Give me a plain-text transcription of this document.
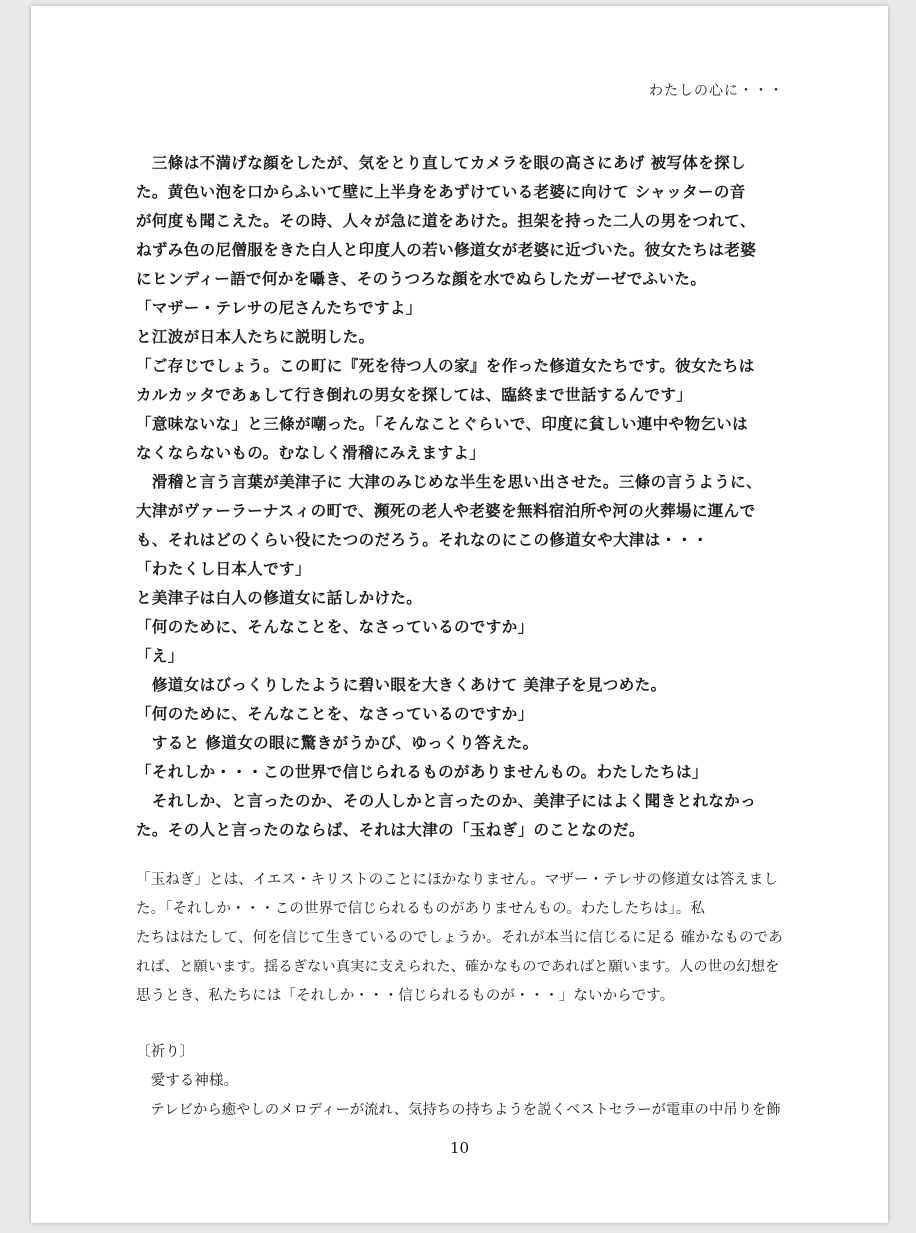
わたしの心に・・・
　三條は不満げな顔をしたが、気をとり直してカメラを眼の高さにあげ 被写体を探し
た。黄色い泡を口からふいて壁に上半身をあずけている老婆に向けて シャッターの音
が何度も聞こえた。その時、人々が急に道をあけた。担架を持った二人の男をつれて、
ねずみ色の尼僧服をきた白人と印度人の若い修道女が老婆に近づいた。彼女たちは老婆
にヒンディー語で何かを囁き、そのうつろな顔を水でぬらしたガーゼでふいた。
「マザー・テレサの尼さんたちですよ」
と江波が日本人たちに説明した。
「ご存じでしょう。この町に『死を待つ人の家』を作った修道女たちです。彼女たちは
カルカッタであぁして行き倒れの男女を探しては、臨終まで世話するんです」
「意味ないな」と三條が嘲った。「そんなことぐらいで、印度に貧しい連中や物乞いは
なくならないもの。むなしく滑稽にみえますよ」
　滑稽と言う言葉が美津子に 大津のみじめな半生を思い出させた。三條の言うように、
大津がヴァーラーナスィの町で、瀕死の老人や老婆を無料宿泊所や河の火葬場に運んで
も、それはどのくらい役にたつのだろう。それなのにこの修道女や大津は・・・
「わたくし日本人です」
と美津子は白人の修道女に話しかけた。
「何のために、そんなことを、なさっているのですか」
「え」
　修道女はびっくりしたように碧い眼を大きくあけて 美津子を見つめた。
「何のために、そんなことを、なさっているのですか」
　すると 修道女の眼に驚きがうかび、ゆっくり答えた。
「それしか・・・この世界で信じられるものがありませんもの。わたしたちは」
　それしか、と言ったのか、その人しかと言ったのか、美津子にはよく聞きとれなかっ
た。その人と言ったのならば、それは大津の「玉ねぎ」のことなのだ。
「玉ねぎ」とは、イエス・キリストのことにほかなりません。マザー・テレサの修道女は答えまし
た。「それしか・・・この世界で信じられるものがありませんもの。わたしたちは」。私
たちははたして、何を信じて生きているのでしょうか。それが本当に信じるに足る 確かなものであ
れば、と願います。揺るぎない真実に支えられた、確かなものであればと願います。人の世の幻想を
思うとき、私たちには「それしか・・・信じられるものが・・・」ないからです。
〔祈り〕
　愛する神様。
　テレビから癒やしのメロディーが流れ、気持ちの持ちようを説くベストセラーが電車の中吊りを飾
10
